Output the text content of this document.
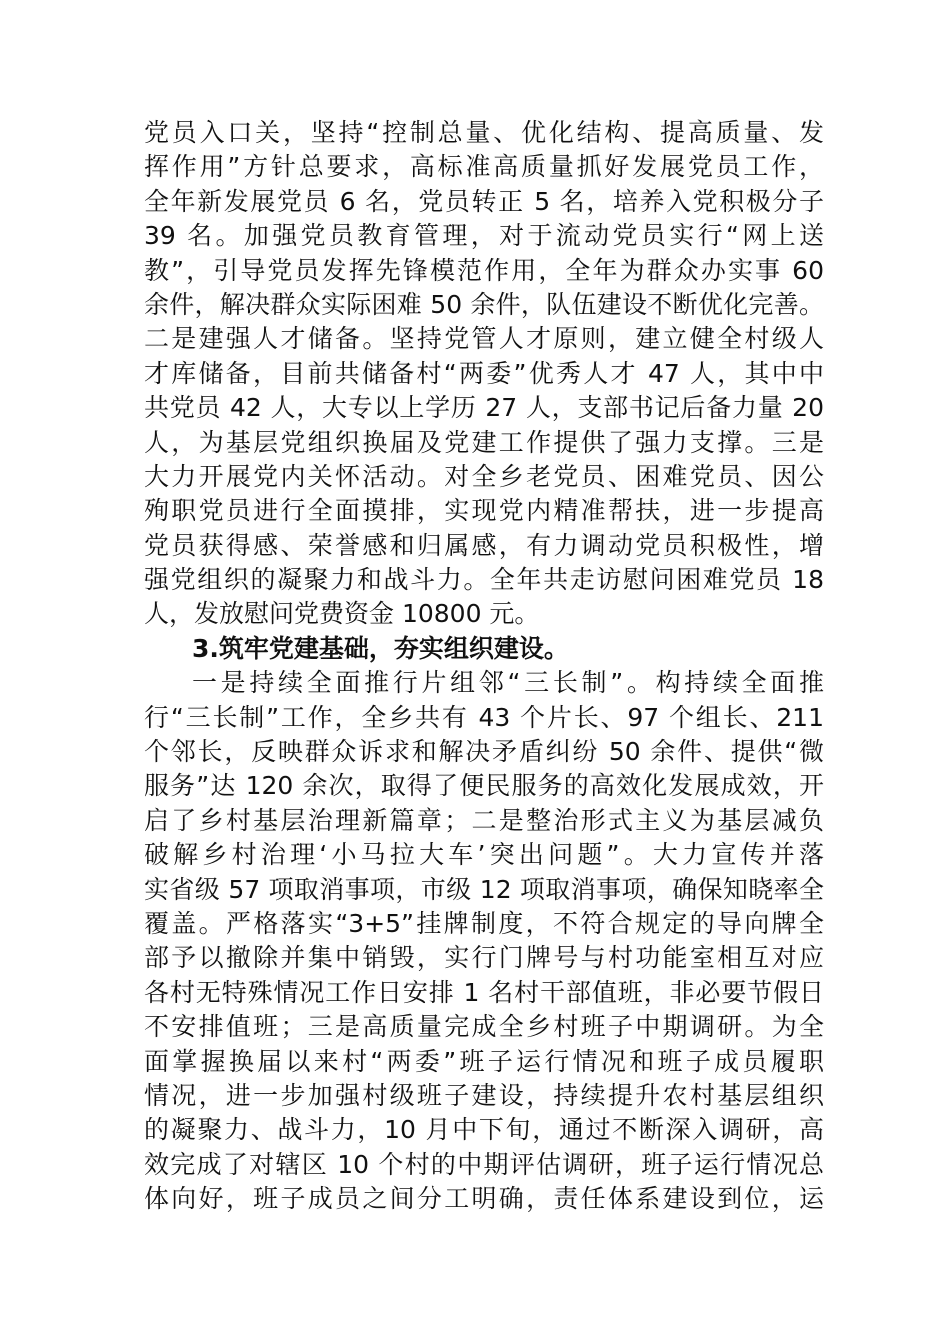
党员入口关，坚持“控制总量、优化结构、提高质量、发
挥作用”方针总要求，高标准高质量抓好发展党员工作，
全年新发展党员 6 名，党员转正 5 名，培养入党积极分子
39 名。加强党员教育管理，对于流动党员实行“网上送
教”，引导党员发挥先锋模范作用，全年为群众办实事 60
余件，解决群众实际困难 50 余件，队伍建设不断优化完善。
二是建强人才储备。坚持党管人才原则，建立健全村级人
才库储备，目前共储备村“两委”优秀人才 47 人，其中中
共党员 42 人，大专以上学历 27 人，支部书记后备力量 20
人，为基层党组织换届及党建工作提供了强力支撑。三是
大力开展党内关怀活动。对全乡老党员、困难党员、因公
殉职党员进行全面摸排，实现党内精准帮扶，进一步提高
党员获得感、荣誉感和归属感，有力调动党员积极性，增
强党组织的凝聚力和战斗力。全年共走访慰问困难党员 18
人，发放慰问党费资金 10800 元。
3.筑牢党建基础，夯实组织建设。
一是持续全面推行片组邻“三长制”。构持续全面推
行“三长制”工作，全乡共有 43 个片长、97 个组长、211
个邻长，反映群众诉求和解决矛盾纠纷 50 余件、提供“微
服务”达 120 余次，取得了便民服务的高效化发展成效，开
启了乡村基层治理新篇章；二是整治形式主义为基层减负
破解乡村治理‘小马拉大车’突出问题”。大力宣传并落
实省级 57 项取消事项，市级 12 项取消事项，确保知晓率全
覆盖。严格落实“3+5”挂牌制度，不符合规定的导向牌全
部予以撤除并集中销毁，实行门牌号与村功能室相互对应
各村无特殊情况工作日安排 1 名村干部值班，非必要节假日
不安排值班；三是高质量完成全乡村班子中期调研。为全
面掌握换届以来村“两委”班子运行情况和班子成员履职
情况，进一步加强村级班子建设，持续提升农村基层组织
的凝聚力、战斗力，10 月中下旬，通过不断深入调研，高
效完成了对辖区 10 个村的中期评估调研，班子运行情况总
体向好，班子成员之间分工明确，责任体系建设到位，运
